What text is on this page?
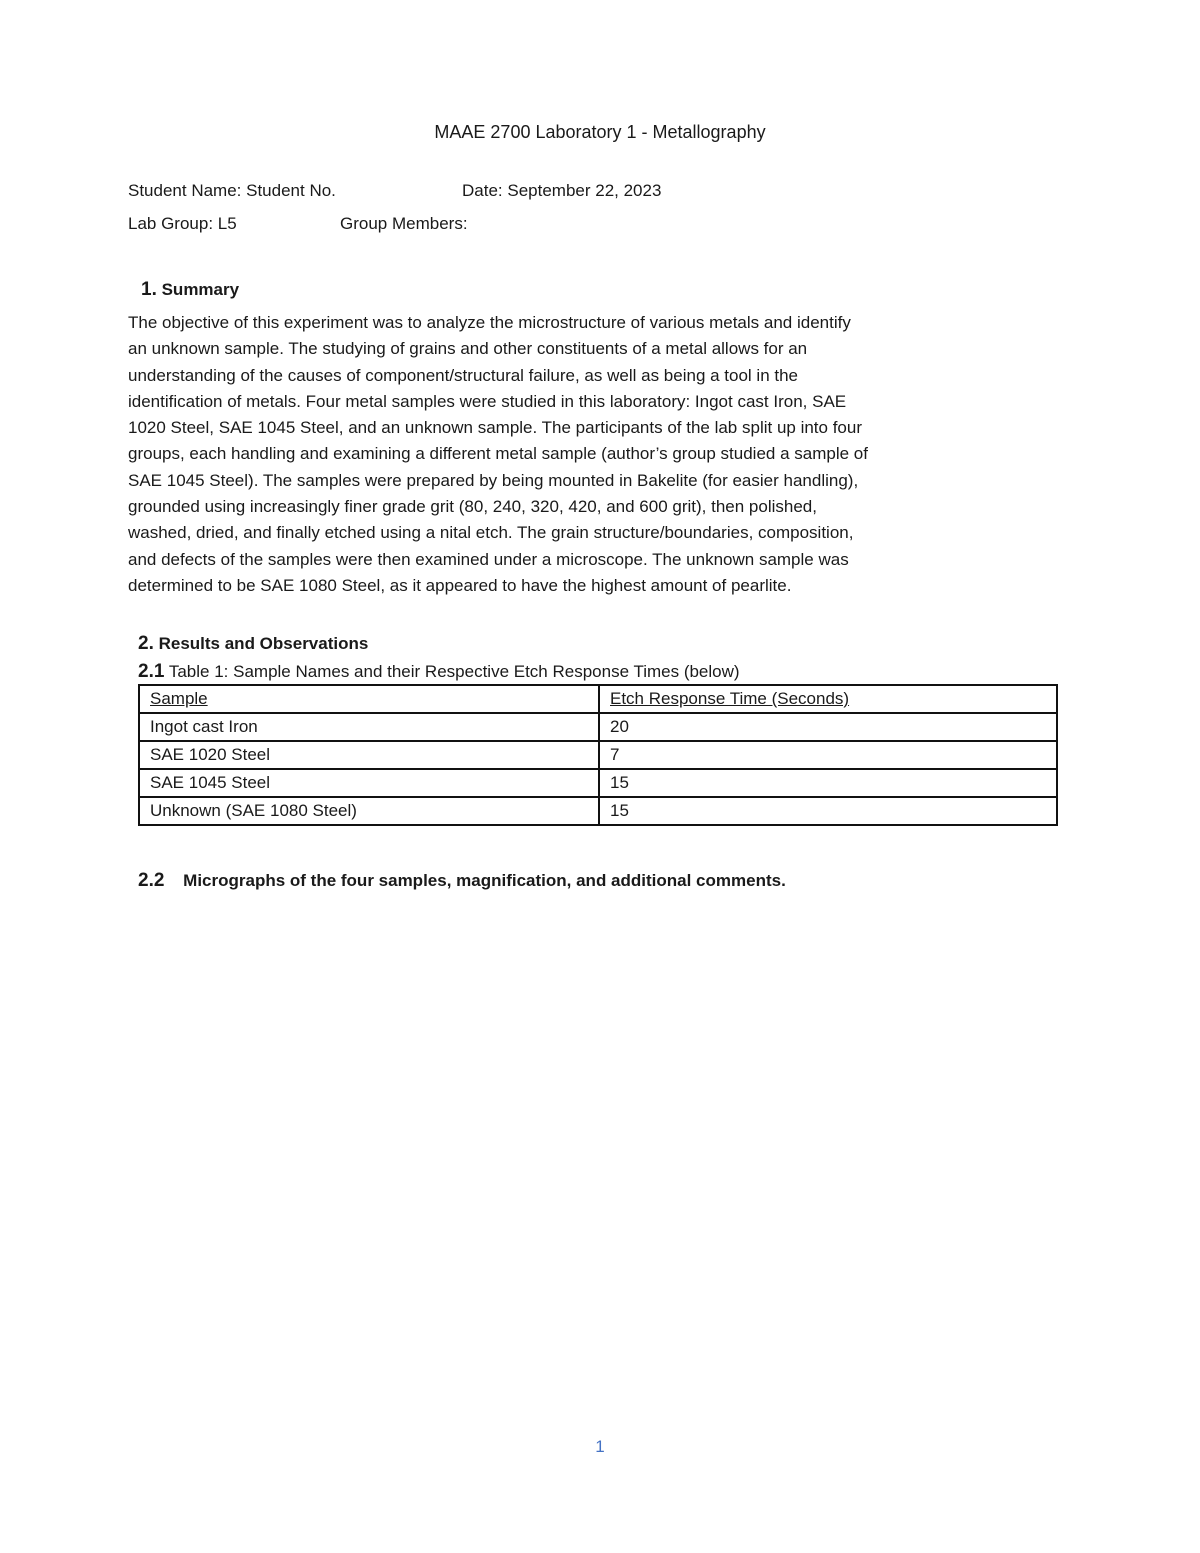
MAAE 2700 Laboratory 1 - Metallography
Student Name: Student No.	Date: September 22, 2023
Lab Group: L5	Group Members:
1. Summary
The objective of this experiment was to analyze the microstructure of various metals and identify
an unknown sample. The studying of grains and other constituents of a metal allows for an
understanding of the causes of component/structural failure, as well as being a tool in the
identification of metals. Four metal samples were studied in this laboratory: Ingot cast Iron, SAE
1020 Steel, SAE 1045 Steel, and an unknown sample. The participants of the lab split up into four
groups, each handling and examining a different metal sample (author’s group studied a sample of
SAE 1045 Steel). The samples were prepared by being mounted in Bakelite (for easier handling),
grounded using increasingly finer grade grit (80, 240, 320, 420, and 600 grit), then polished,
washed, dried, and finally etched using a nital etch. The grain structure/boundaries, composition,
and defects of the samples were then examined under a microscope. The unknown sample was
determined to be SAE 1080 Steel, as it appeared to have the highest amount of pearlite.
2. Results and Observations
2.1 Table 1: Sample Names and their Respective Etch Response Times (below)
Sample	Etch Response Time (Seconds)
Ingot cast Iron	20
SAE 1020 Steel	7
SAE 1045 Steel	15
Unknown (SAE 1080 Steel)	15
2.2 Micrographs of the four samples, magnification, and additional comments.
1
